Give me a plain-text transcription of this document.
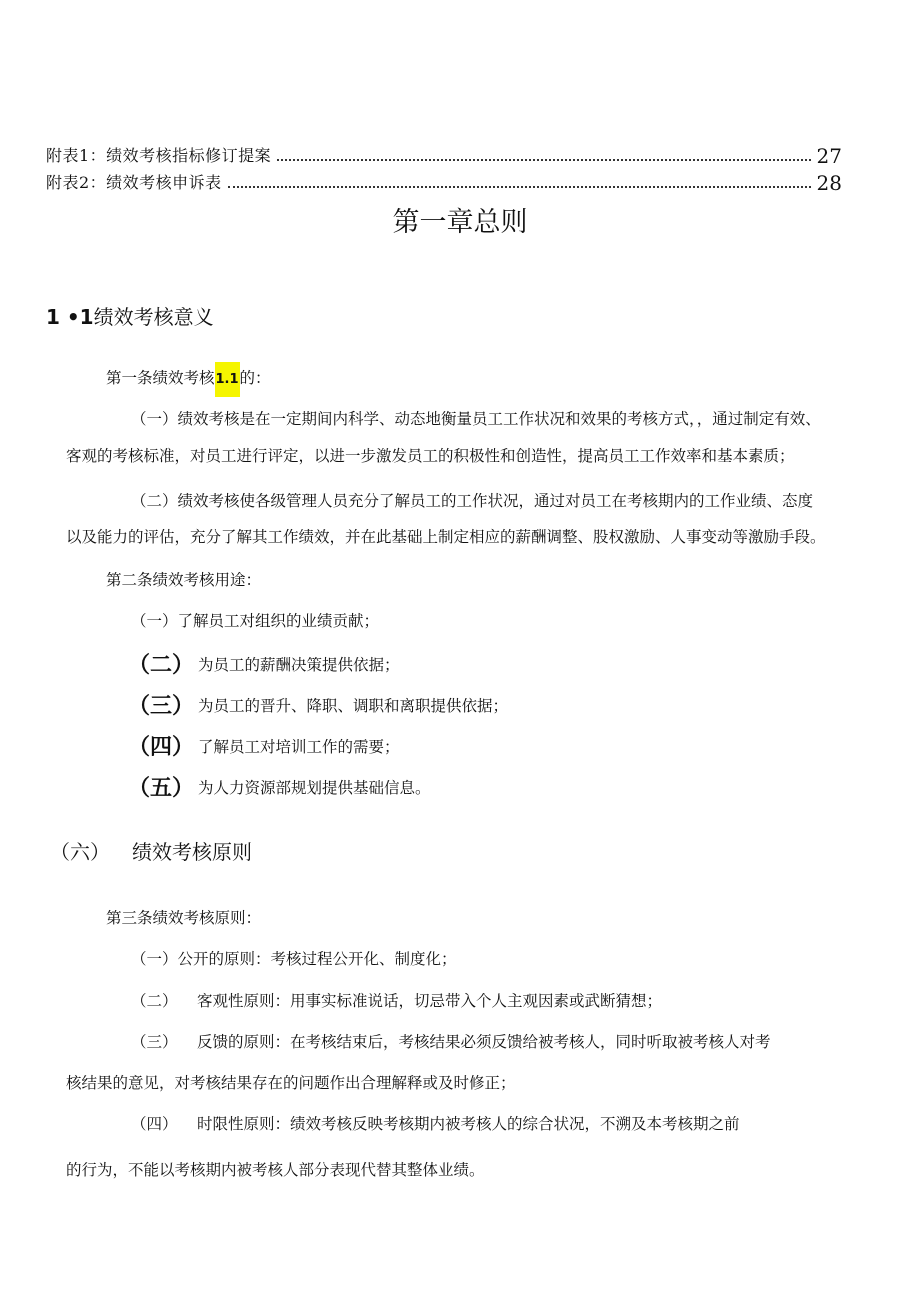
附表1：绩效考核指标修订提案	27
附表2：绩效考核申诉表	28
第一章总则
1 •1绩效考核意义
第一条绩效考核1.1的：
（一）绩效考核是在一定期间内科学、动态地衡量员工工作状况和效果的考核方式，，通过制定有效、
客观的考核标准，对员工进行评定，以进一步激发员工的积极性和创造性，提高员工工作效率和基本素质；
（二）绩效考核使各级管理人员充分了解员工的工作状况，通过对员工在考核期内的工作业绩、态度
以及能力的评估，充分了解其工作绩效，并在此基础上制定相应的薪酬调整、股权激励、人事变动等激励手段。
第二条绩效考核用途：
（一）了解员工对组织的业绩贡献；
（二） 为员工的薪酬决策提供依据；
（三） 为员工的晋升、降职、调职和离职提供依据；
（四） 了解员工对培训工作的需要；
（五） 为人力资源部规划提供基础信息。
（六） 绩效考核原则
第三条绩效考核原则：
（一）公开的原则：考核过程公开化、制度化；
（二） 客观性原则：用事实标准说话，切忌带入个人主观因素或武断猜想；
（三） 反馈的原则：在考核结束后，考核结果必须反馈给被考核人，同时听取被考核人对考
核结果的意见，对考核结果存在的问题作出合理解释或及时修正；
（四） 时限性原则：绩效考核反映考核期内被考核人的综合状况，不溯及本考核期之前
的行为，不能以考核期内被考核人部分表现代替其整体业绩。
